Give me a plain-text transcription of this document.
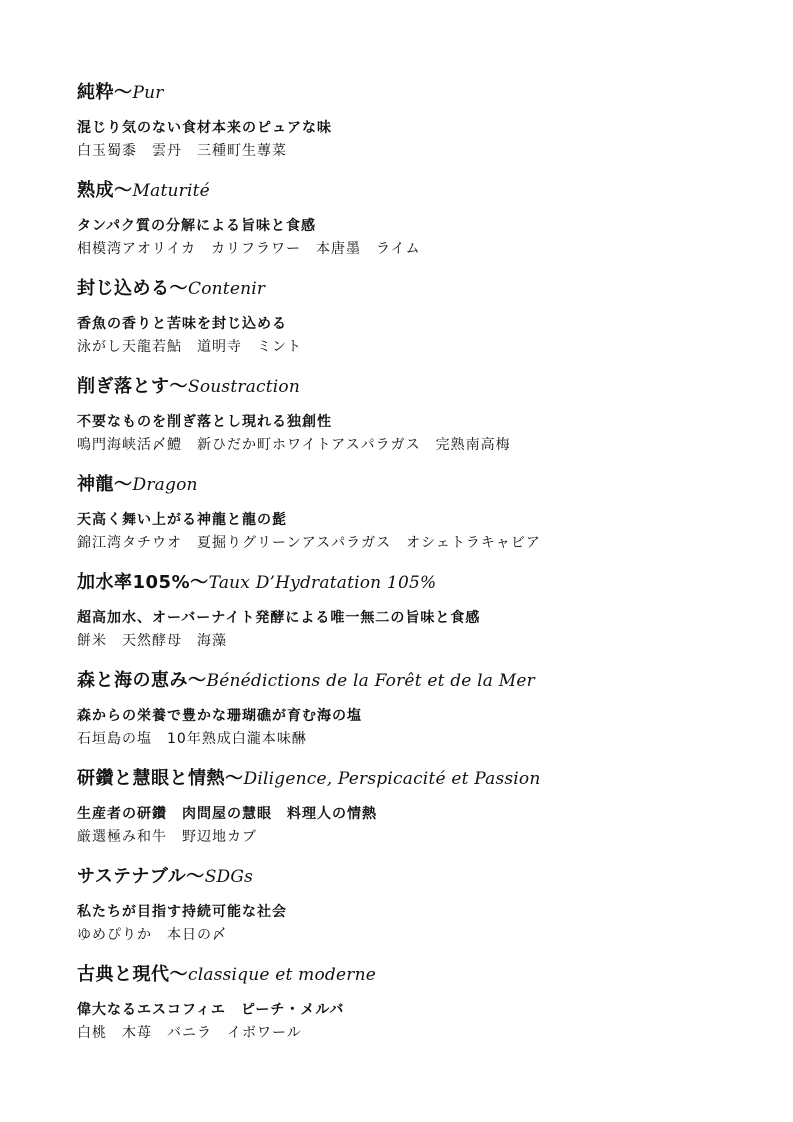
純粋〜Pur

混じり気のない食材本来のピュアな味

白玉蜀黍　雲丹　三種町生蓴菜

熟成〜Maturité

タンパク質の分解による旨味と食感

相模湾アオリイカ　カリフラワー　本唐墨　ライム

封じ込める〜Contenir

香魚の香りと苦味を封じ込める

泳がし天龍若鮎　道明寺　ミント

削ぎ落とす〜Soustraction

不要なものを削ぎ落とし現れる独創性

鳴門海峡活〆鱧　新ひだか町ホワイトアスパラガス　完熟南高梅

神龍〜Dragon

天高く舞い上がる神龍と龍の髭

錦江湾タチウオ　夏掘りグリーンアスパラガス　オシェトラキャビア

加水率105%〜Taux D’Hydratation 105%

超高加水、オーバーナイト発酵による唯一無二の旨味と食感

餅米　天然酵母　海藻

森と海の恵み〜Bénédictions de la Forêt et de la Mer

森からの栄養で豊かな珊瑚礁が育む海の塩

石垣島の塩　10年熟成白瀧本味醂

研鑽と慧眼と情熱〜Diligence, Perspicacité et Passion

生産者の研鑽　肉問屋の慧眼　料理人の情熱

厳選極み和牛　野辺地カブ

サステナブル〜SDGs

私たちが目指す持続可能な社会

ゆめぴりか　本日の〆

古典と現代〜classique et moderne

偉大なるエスコフィエ　ピーチ・メルバ

白桃　木苺　バニラ　イボワール
